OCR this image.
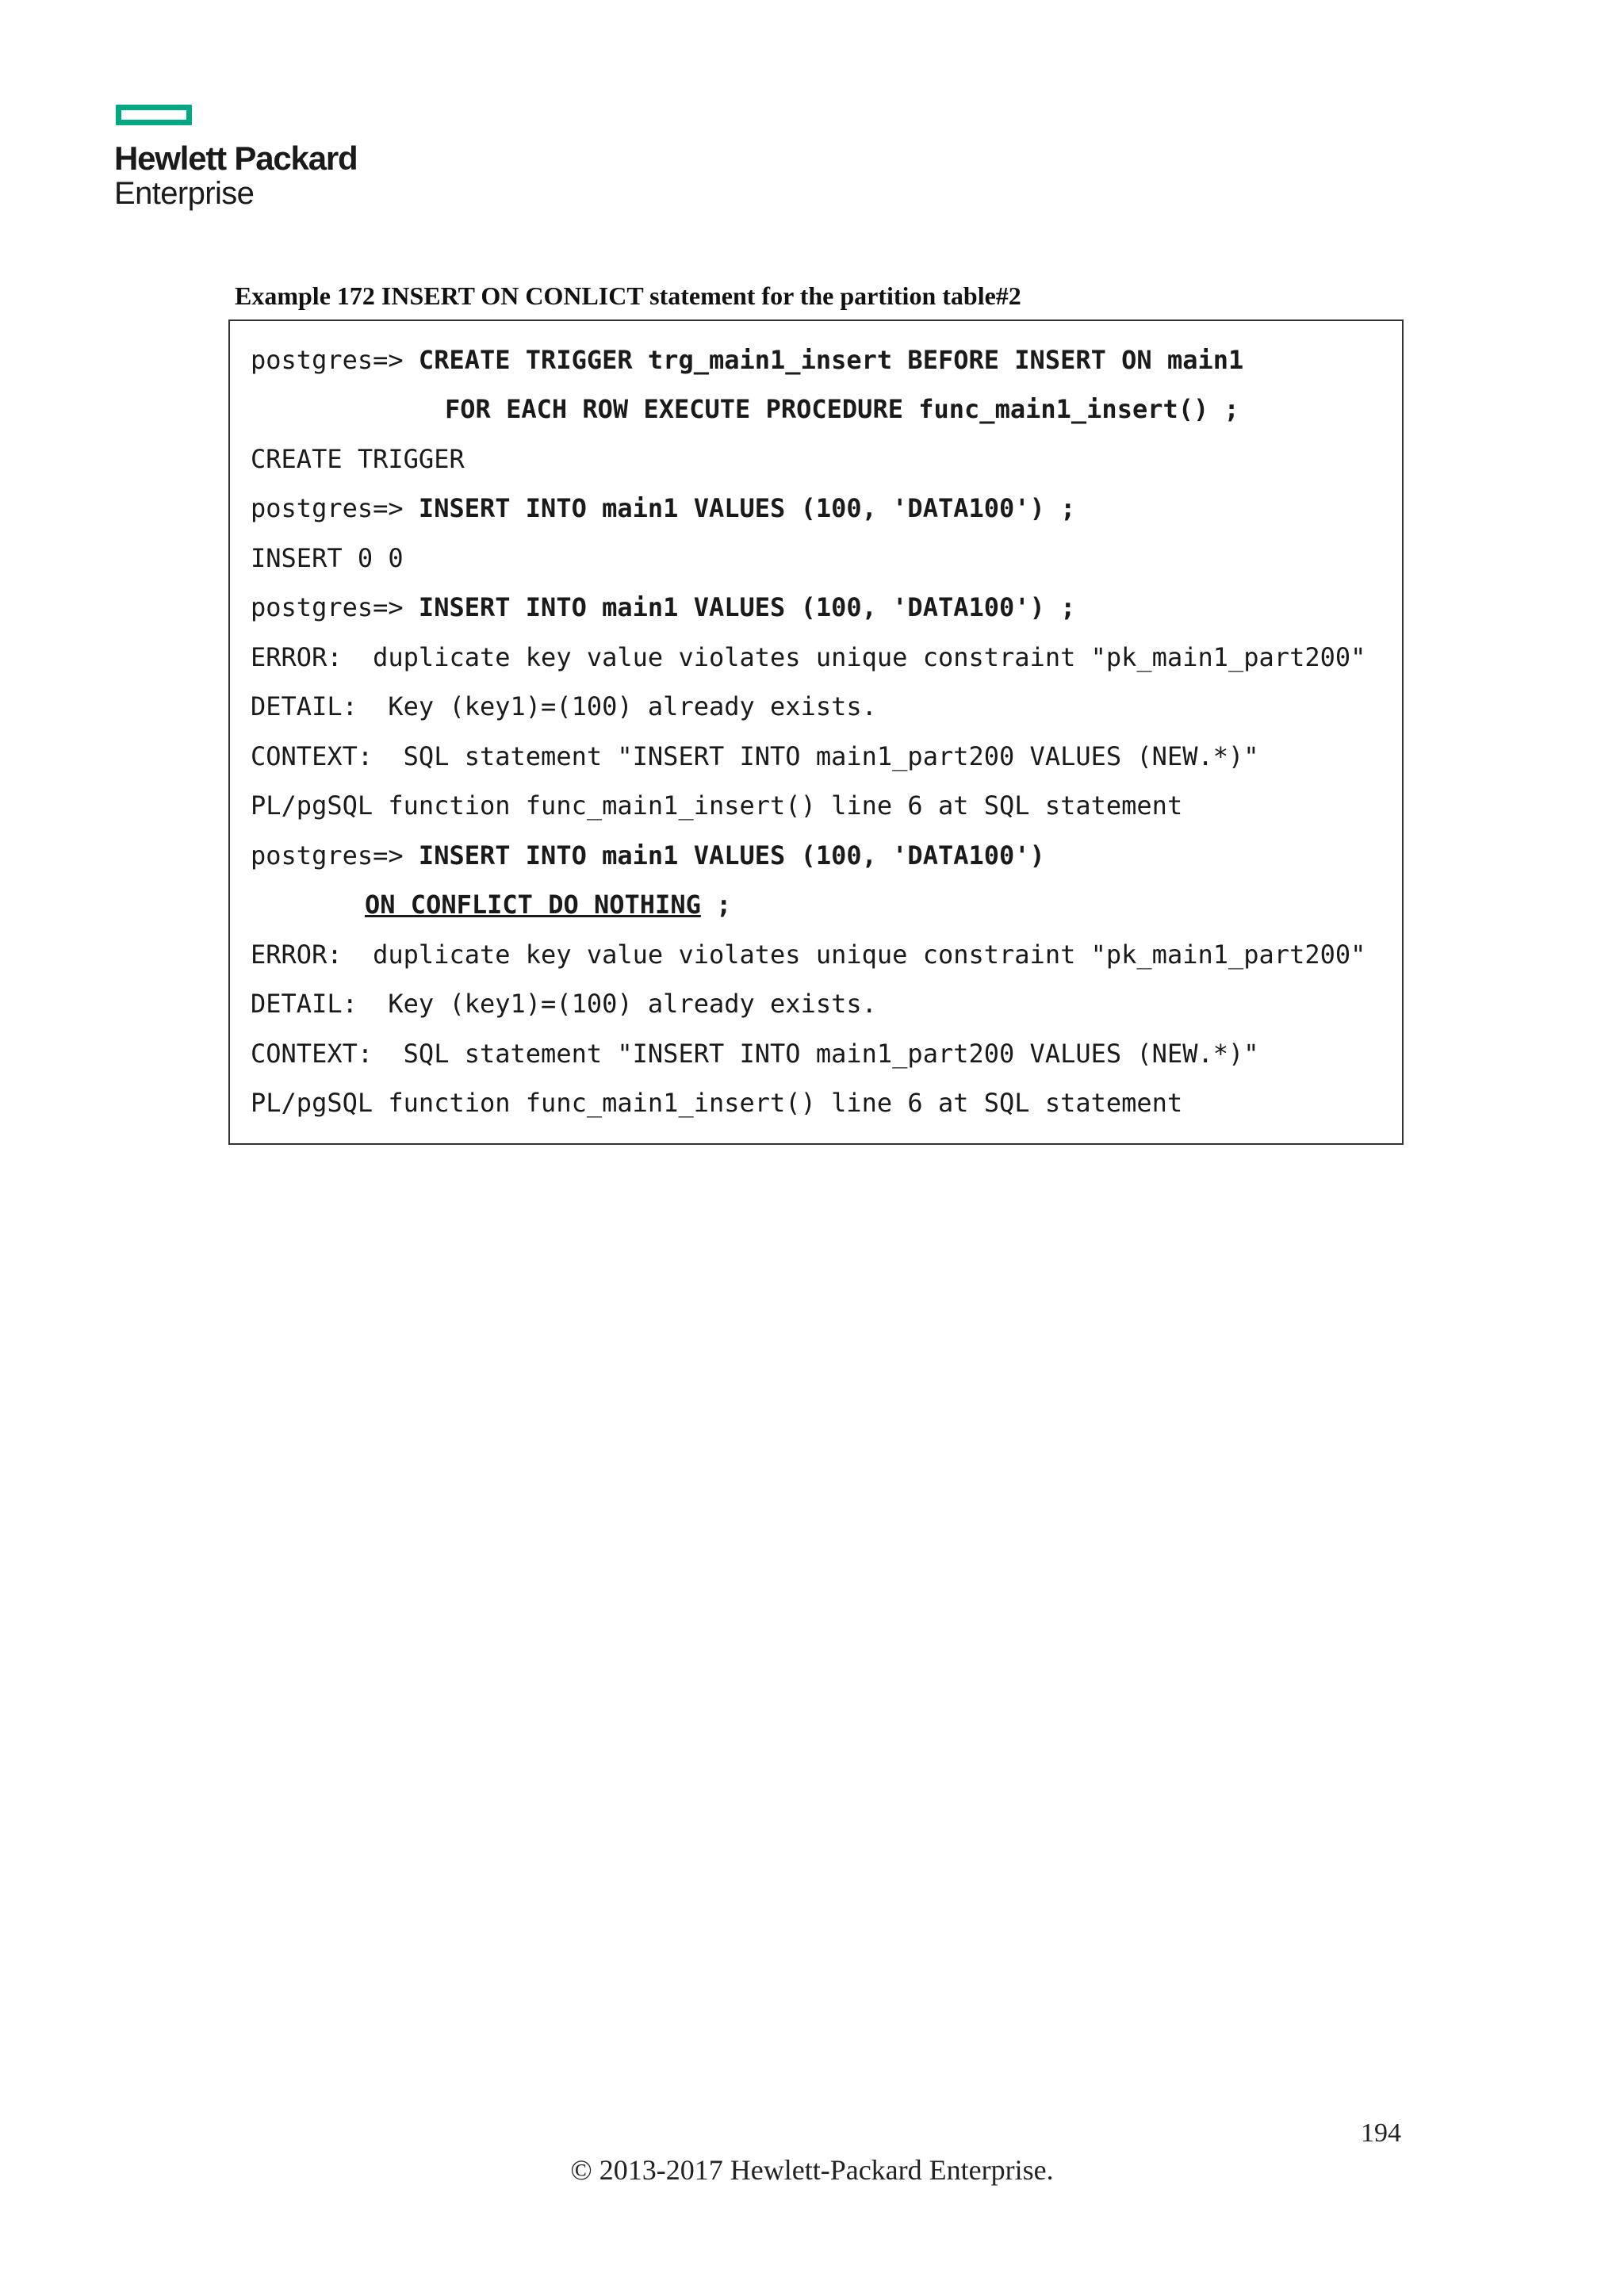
Hewlett Packard
Enterprise
Example 172 INSERT ON CONLICT statement for the partition table#2
postgres=> CREATE TRIGGER trg_main1_insert BEFORE INSERT ON main1
FOR EACH ROW EXECUTE PROCEDURE func_main1_insert() ;
CREATE TRIGGER
postgres=> INSERT INTO main1 VALUES (100, 'DATA100') ;
INSERT 0 0
postgres=> INSERT INTO main1 VALUES (100, 'DATA100') ;
ERROR:  duplicate key value violates unique constraint "pk_main1_part200"
DETAIL:  Key (key1)=(100) already exists.
CONTEXT:  SQL statement "INSERT INTO main1_part200 VALUES (NEW.*)"
PL/pgSQL function func_main1_insert() line 6 at SQL statement
postgres=> INSERT INTO main1 VALUES (100, 'DATA100')
ON CONFLICT DO NOTHING ;
ERROR:  duplicate key value violates unique constraint "pk_main1_part200"
DETAIL:  Key (key1)=(100) already exists.
CONTEXT:  SQL statement "INSERT INTO main1_part200 VALUES (NEW.*)"
PL/pgSQL function func_main1_insert() line 6 at SQL statement
194
© 2013-2017 Hewlett-Packard Enterprise.
